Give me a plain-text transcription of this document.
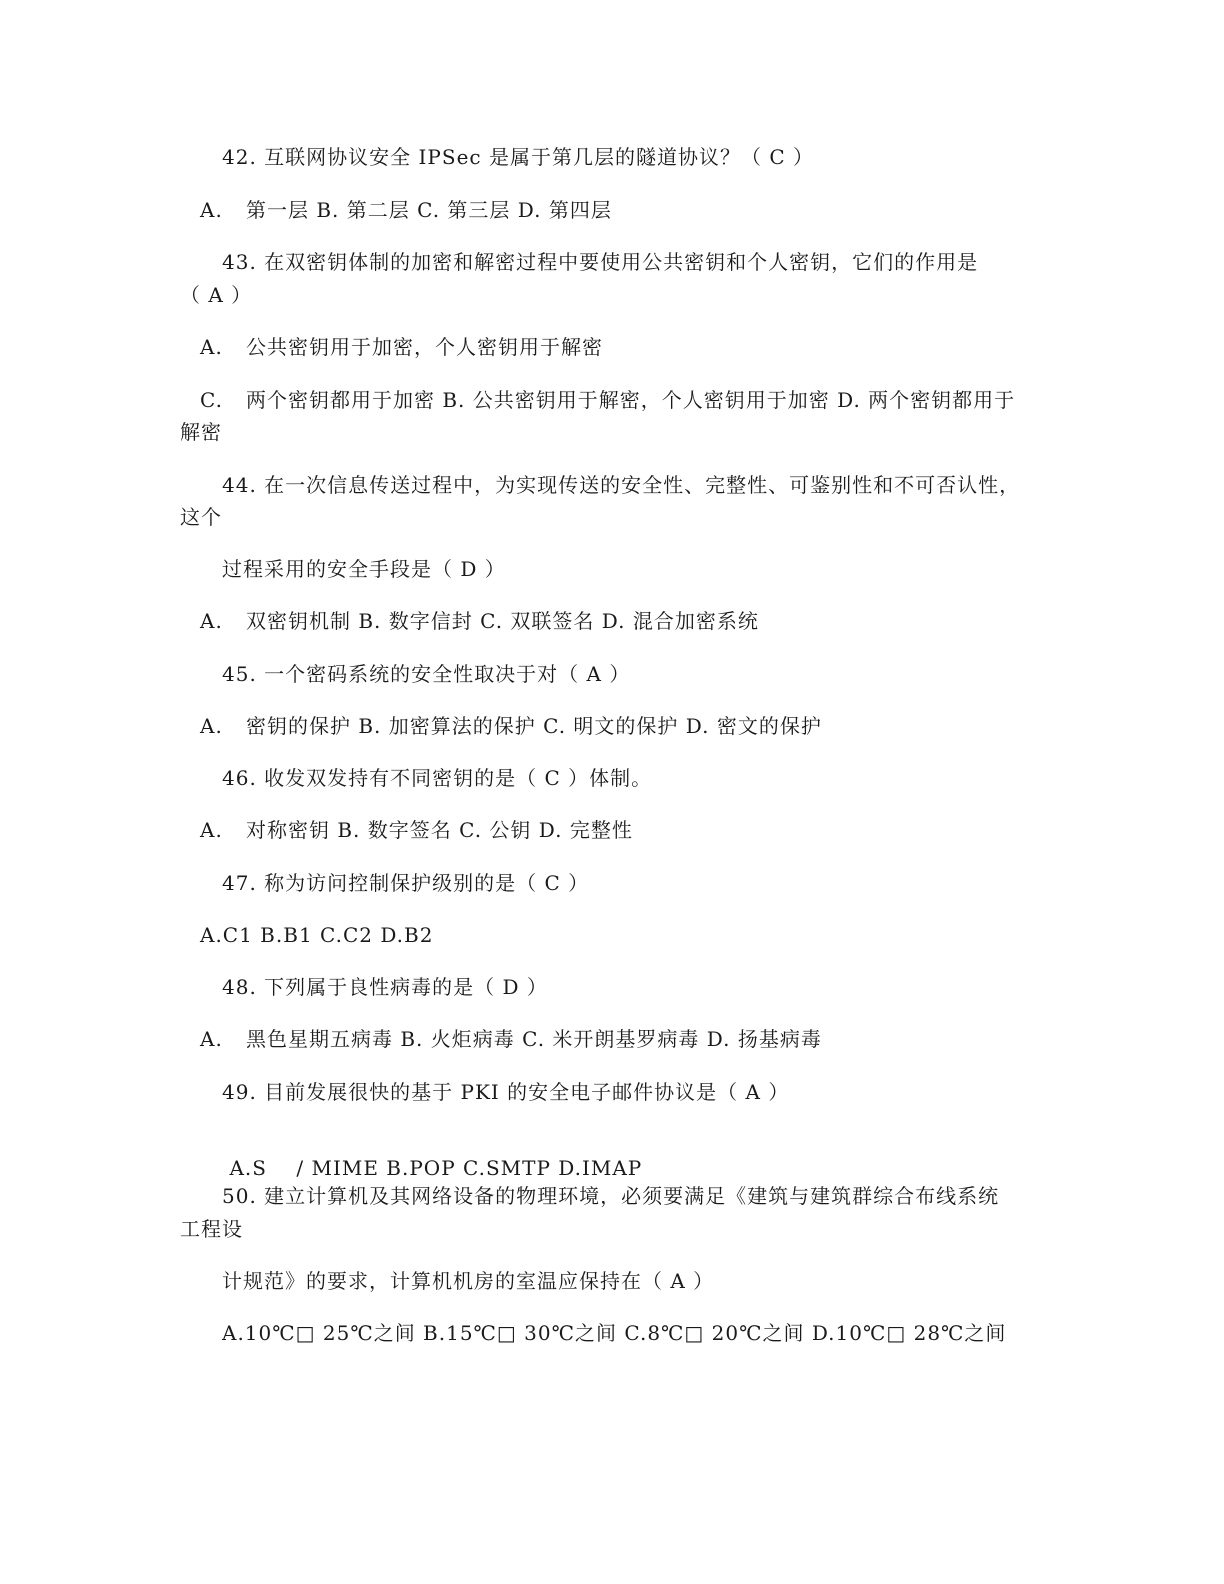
42. 互联网协议安全 IPSec 是属于第几层的隧道协议？（ C ）
A. 第一层 B. 第二层 C. 第三层 D. 第四层
43. 在双密钥体制的加密和解密过程中要使用公共密钥和个人密钥，它们的作用是
（ A ）
A. 公共密钥用于加密，个人密钥用于解密
C. 两个密钥都用于加密 B. 公共密钥用于解密，个人密钥用于加密 D. 两个密钥都用于
解密
44. 在一次信息传送过程中，为实现传送的安全性、完整性、可鉴别性和不可否认性，
这个
过程采用的安全手段是（ D ）
A. 双密钥机制 B. 数字信封 C. 双联签名 D. 混合加密系统
45. 一个密码系统的安全性取决于对（ A ）
A. 密钥的保护 B. 加密算法的保护 C. 明文的保护 D. 密文的保护
46. 收发双发持有不同密钥的是（ C ）体制。
A. 对称密钥 B. 数字签名 C. 公钥 D. 完整性
47. 称为访问控制保护级别的是（ C ）
A.C1 B.B1 C.C2 D.B2
48. 下列属于良性病毒的是（ D ）
A. 黑色星期五病毒 B. 火炬病毒 C. 米开朗基罗病毒 D. 扬基病毒
49. 目前发展很快的基于 PKI 的安全电子邮件协议是（ A ）

A.S    / MIME B.POP C.SMTP D.IMAP

50. 建立计算机及其网络设备的物理环境，必须要满足《建筑与建筑群综合布线系统
工程设
计规范》的要求，计算机机房的室温应保持在（ A ）
A.10℃□ 25℃之间 B.15℃□ 30℃之间 C.8℃□ 20℃之间 D.10℃□ 28℃之间
